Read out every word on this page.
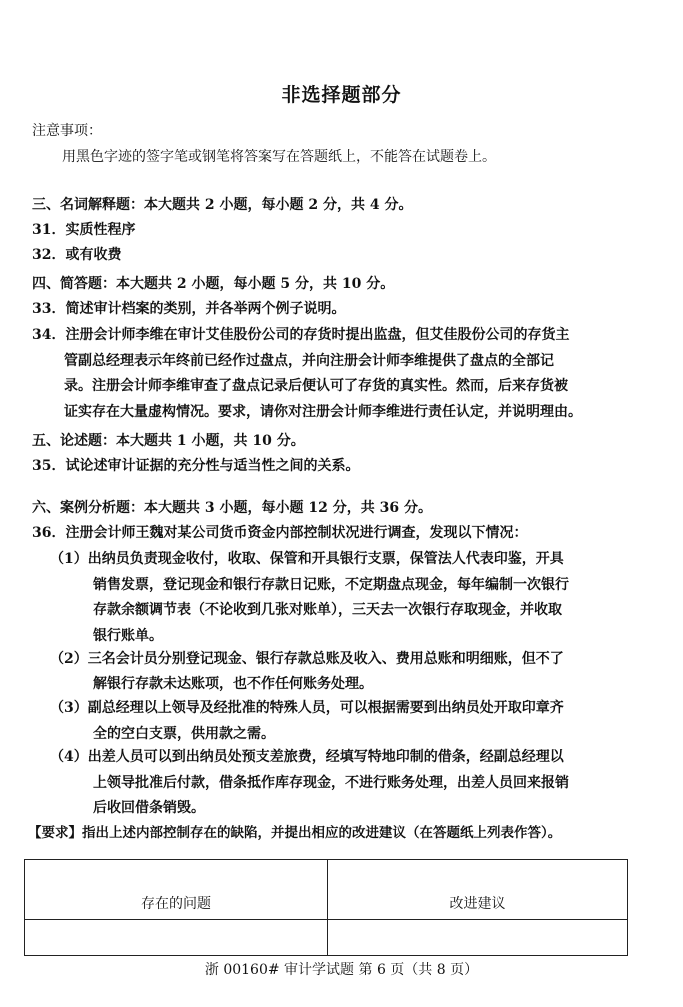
非选择题部分
注意事项：
用黑色字迹的签字笔或钢笔将答案写在答题纸上，不能答在试题卷上。
三、名词解释题：本大题共 2 小题，每小题 2 分，共 4 分。
31．实质性程序
32．或有收费
四、简答题：本大题共 2 小题，每小题 5 分，共 10 分。
33．简述审计档案的类别，并各举两个例子说明。
34．注册会计师李维在审计艾佳股份公司的存货时提出监盘，但艾佳股份公司的存货主
管副总经理表示年终前已经作过盘点，并向注册会计师李维提供了盘点的全部记
录。注册会计师李维审查了盘点记录后便认可了存货的真实性。然而，后来存货被
证实存在大量虚构情况。要求，请你对注册会计师李维进行责任认定，并说明理由。
五、论述题：本大题共 1 小题，共 10 分。
35．试论述审计证据的充分性与适当性之间的关系。
六、案例分析题：本大题共 3 小题，每小题 12 分，共 36 分。
36．注册会计师王魏对某公司货币资金内部控制状况进行调查，发现以下情况：
（1）出纳员负责现金收付，收取、保管和开具银行支票，保管法人代表印鉴，开具
销售发票，登记现金和银行存款日记账，不定期盘点现金，每年编制一次银行
存款余额调节表（不论收到几张对账单），三天去一次银行存取现金，并收取
银行账单。
（2）三名会计员分别登记现金、银行存款总账及收入、费用总账和明细账，但不了
解银行存款未达账项，也不作任何账务处理。
（3）副总经理以上领导及经批准的特殊人员，可以根据需要到出纳员处开取印章齐
全的空白支票，供用款之需。
（4）出差人员可以到出纳员处预支差旅费，经填写特地印制的借条，经副总经理以
上领导批准后付款，借条抵作库存现金，不进行账务处理，出差人员回来报销
后收回借条销毁。
【要求】指出上述内部控制存在的缺陷，并提出相应的改进建议（在答题纸上列表作答）。
存在的问题	改进建议

浙 00160# 审计学试题 第 6 页（共 8 页）
